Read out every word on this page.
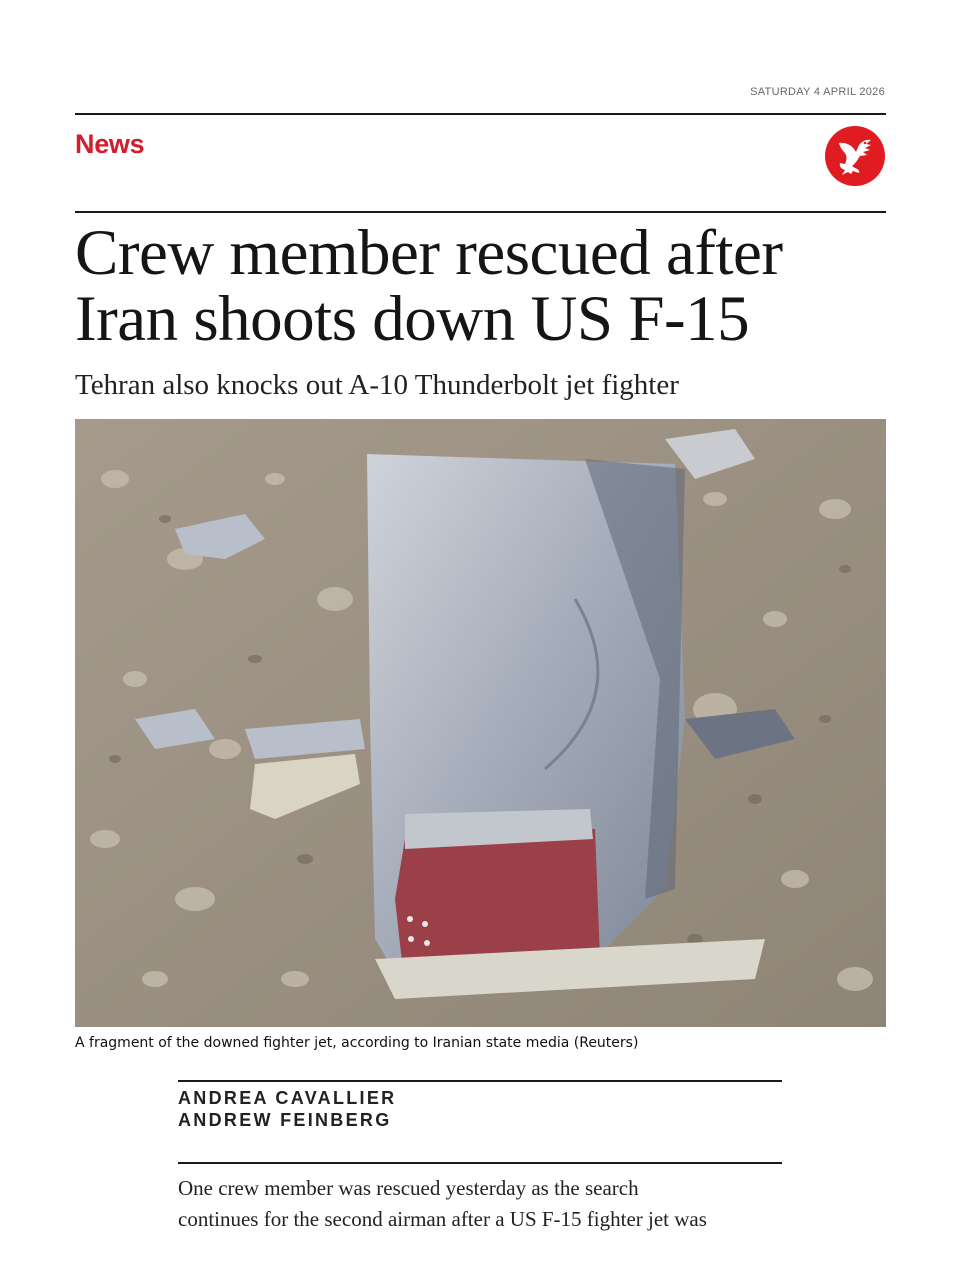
SATURDAY 4 APRIL 2026
News
Crew member rescued after
Iran shoots down US F-15
Tehran also knocks out A-10 Thunderbolt jet fighter
A fragment of the downed fighter jet, according to Iranian state media (Reuters)
ANDREA CAVALLIER
ANDREW FEINBERG
One crew member was rescued yesterday as the search
continues for the second airman after a US F-15 fighter jet was
